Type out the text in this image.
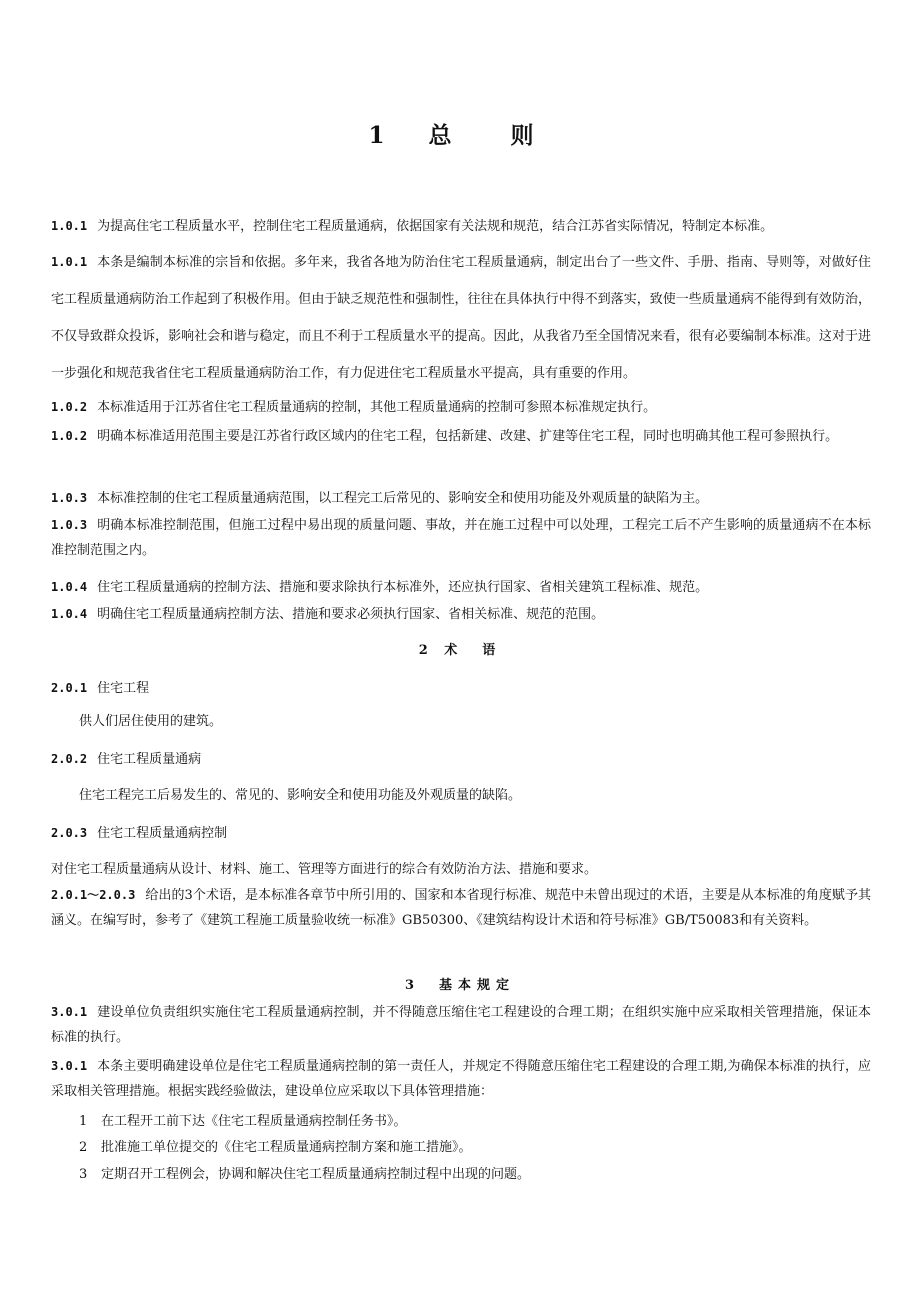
1 总　则

1.0.1 为提高住宅工程质量水平，控制住宅工程质量通病，依据国家有关法规和规范，结合江苏省实际情况，特制定本标准。

1.0.1 本条是编制本标准的宗旨和依据。多年来，我省各地为防治住宅工程质量通病，制定出台了一些文件、手册、指南、导则等，对做好住宅工程质量通病防治工作起到了积极作用。但由于缺乏规范性和强制性，往往在具体执行中得不到落实，致使一些质量通病不能得到有效防治，不仅导致群众投诉，影响社会和谐与稳定，而且不利于工程质量水平的提高。因此，从我省乃至全国情况来看，很有必要编制本标准。这对于进一步强化和规范我省住宅工程质量通病防治工作，有力促进住宅工程质量水平提高，具有重要的作用。

1.0.2 本标准适用于江苏省住宅工程质量通病的控制，其他工程质量通病的控制可参照本标准规定执行。

1.0.2 明确本标准适用范围主要是江苏省行政区域内的住宅工程，包括新建、改建、扩建等住宅工程，同时也明确其他工程可参照执行。

1.0.3 本标准控制的住宅工程质量通病范围，以工程完工后常见的、影响安全和使用功能及外观质量的缺陷为主。

1.0.3 明确本标准控制范围，但施工过程中易出现的质量问题、事故，并在施工过程中可以处理，工程完工后不产生影响的质量通病不在本标准控制范围之内。

1.0.4 住宅工程质量通病的控制方法、措施和要求除执行本标准外，还应执行国家、省相关建筑工程标准、规范。

1.0.4 明确住宅工程质量通病控制方法、措施和要求必须执行国家、省相关标准、规范的范围。

2 术　语

2.0.1 住宅工程

供人们居住使用的建筑。

2.0.2 住宅工程质量通病

住宅工程完工后易发生的、常见的、影响安全和使用功能及外观质量的缺陷。

2.0.3 住宅工程质量通病控制

对住宅工程质量通病从设计、材料、施工、管理等方面进行的综合有效防治方法、措施和要求。

2.0.1～2.0.3 给出的3个术语，是本标准各章节中所引用的、国家和本省现行标准、规范中未曾出现过的术语，主要是从本标准的角度赋予其涵义。在编写时，参考了《建筑工程施工质量验收统一标准》GB50300、《建筑结构设计术语和符号标准》GB/T50083和有关资料。

3　基本规定

3.0.1 建设单位负责组织实施住宅工程质量通病控制，并不得随意压缩住宅工程建设的合理工期；在组织实施中应采取相关管理措施，保证本标准的执行。

3.0.1 本条主要明确建设单位是住宅工程质量通病控制的第一责任人，并规定不得随意压缩住宅工程建设的合理工期,为确保本标准的执行，应采取相关管理措施。根据实践经验做法，建设单位应采取以下具体管理措施：

1 在工程开工前下达《住宅工程质量通病控制任务书》。

2 批准施工单位提交的《住宅工程质量通病控制方案和施工措施》。

3 定期召开工程例会，协调和解决住宅工程质量通病控制过程中出现的问题。
